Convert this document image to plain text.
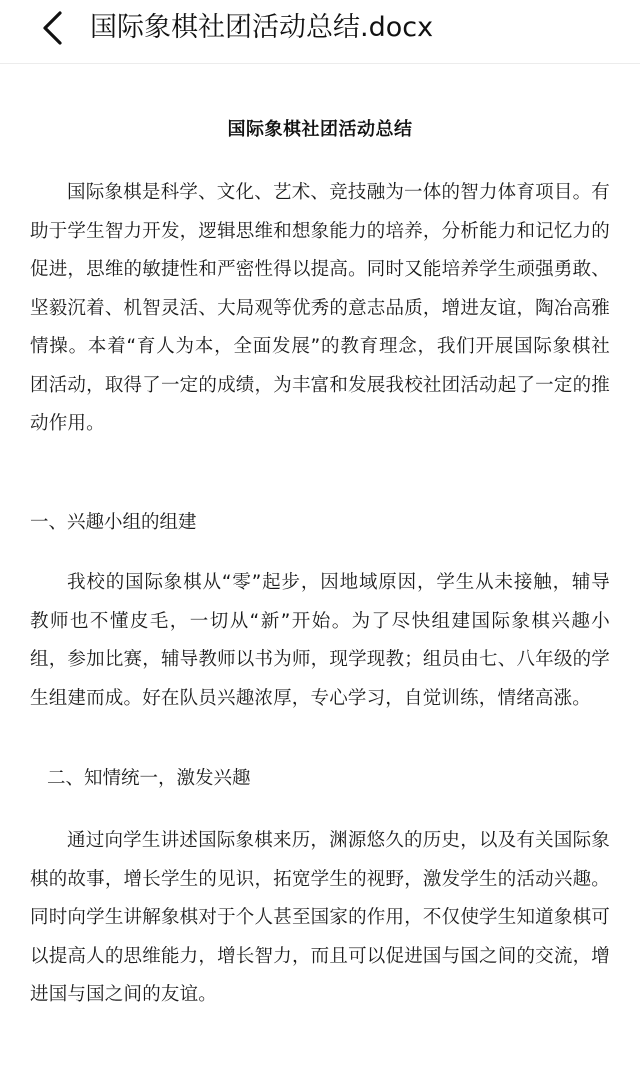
国际象棋社团活动总结.docx
国际象棋社团活动总结

国际象棋是科学、文化、艺术、竞技融为一体的智力体育项目。有助于学生智力开发，逻辑思维和想象能力的培养，分析能力和记忆力的促进，思维的敏捷性和严密性得以提高。同时又能培养学生顽强勇敢、坚毅沉着、机智灵活、大局观等优秀的意志品质，增进友谊，陶冶高雅情操。本着“育人为本，全面发展”的教育理念，我们开展国际象棋社团活动，取得了一定的成绩，为丰富和发展我校社团活动起了一定的推动作用。

一、兴趣小组的组建

我校的国际象棋从“零”起步，因地域原因，学生从未接触，辅导教师也不懂皮毛，一切从“新”开始。为了尽快组建国际象棋兴趣小组，参加比赛，辅导教师以书为师，现学现教；组员由七、八年级的学生组建而成。好在队员兴趣浓厚，专心学习，自觉训练，情绪高涨。

二、知情统一，激发兴趣

通过向学生讲述国际象棋来历，渊源悠久的历史，以及有关国际象棋的故事，增长学生的见识，拓宽学生的视野，激发学生的活动兴趣。同时向学生讲解象棋对于个人甚至国家的作用，不仅使学生知道象棋可以提高人的思维能力，增长智力，而且可以促进国与国之间的交流，增进国与国之间的友谊。
